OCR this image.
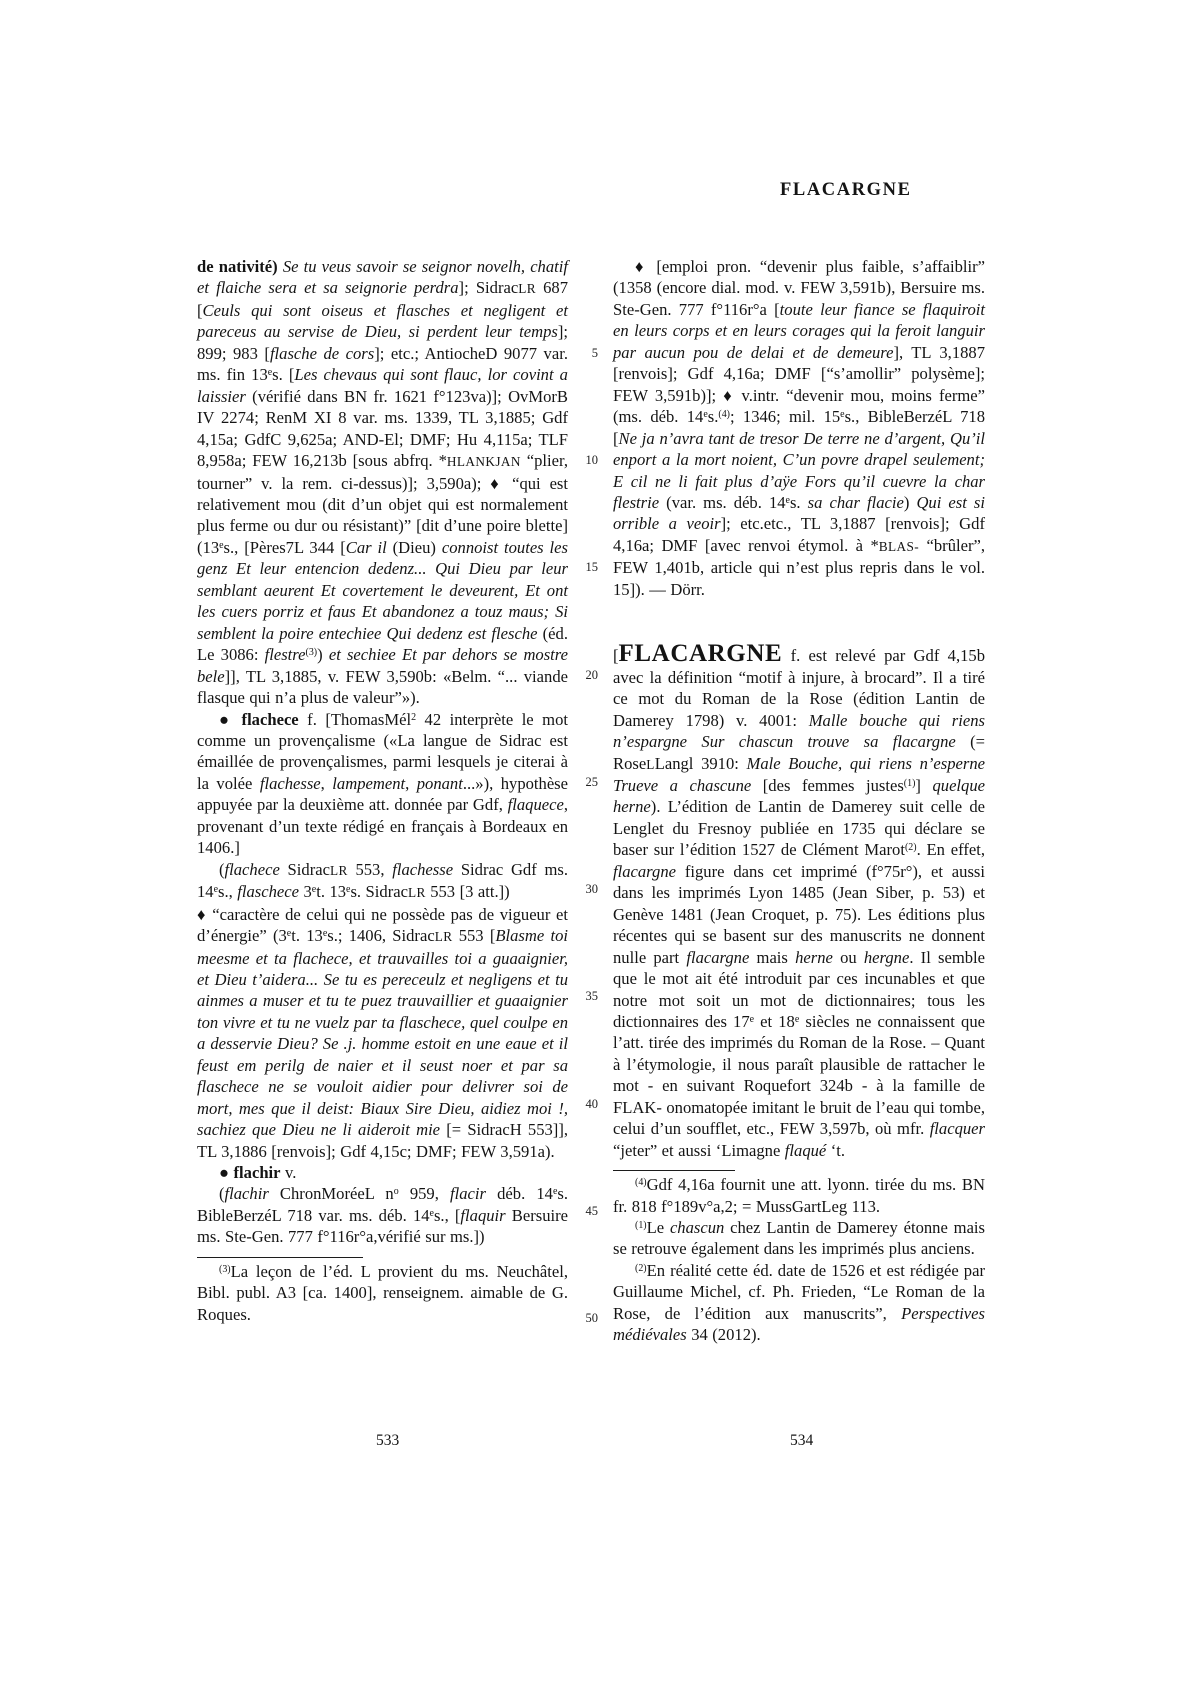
FLACARGNE

de nativité) Se tu veus savoir se seignor novelh, chatif et flaiche sera et sa seignorie perdra]; SidracLR 687 [Ceuls qui sont oiseus et flasches et negligent et pareceus au servise de Dieu, si perdent leur temps]; 899; 983 [flasche de cors]; etc.; AntiocheD 9077 var. ms. fin 13es. [Les chevaus qui sont flauc, lor covint a laissier (vérifié dans BN fr. 1621 f°123va)]; OvMorB IV 2274; RenM XI 8 var. ms. 1339, TL 3,1885; Gdf 4,15a; GdfC 9,625a; AND-El; DMF; Hu 4,115a; TLF 8,958a; FEW 16,213b [sous abfrq. *HLANKJAN “plier, tourner” v. la rem. ci-dessus)]; 3,590a); ♦ “qui est relativement mou (dit d’un objet qui est normalement plus ferme ou dur ou résistant)” [dit d’une poire blette] (13es., [Pères7L 344 [Car il (Dieu) connoist toutes les genz Et leur entencion dedenz... Qui Dieu par leur semblant aeurent Et covertement le deveurent, Et ont les cuers porriz et faus Et abandonez a touz maus; Si semblent la poire entechiee Qui dedenz est flesche (éd. Le 3086: flestre$^{(3)}$) et sechiee Et par dehors se mostre bele]], TL 3,1885, v. FEW 3,590b: «Belm. “... viande flasque qui n’a plus de valeur”»).

● flachece f. [ThomasMél$^2$ 42 interprète le mot comme un provençalisme («La langue de Sidrac est émaillée de provençalismes, parmi lesquels je citerai à la volée flachesse, lampement, ponant...»), hypothèse appuyée par la deuxième att. donnée par Gdf, flaquece, provenant d’un texte rédigé en français à Bordeaux en 1406.]

(flachece SidracLR 553, flachesse Sidrac Gdf ms. 14es., flaschece 3et. 13es. SidracLR 553 [3 att.])

♦ “caractère de celui qui ne possède pas de vigueur et d’énergie” (3et. 13es.; 1406, SidracLR 553 [Blasme toi meesme et ta flachece, et trauvailles toi a guaaignier, et Dieu t’aidera... Se tu es pereceulz et negligens et tu ainmes a muser et tu te puez trauvaillier et guaaignier ton vivre et tu ne vuelz par ta flaschece, quel coulpe en a desservie Dieu? Se .j. homme estoit en une eaue et il feust em perilg de naier et il seust noer et par sa flaschece ne se vouloit aidier pour delivrer soi de mort, mes que il deist: Biaux Sire Dieu, aidiez moi !, sachiez que Dieu ne li aideroit mie [= SidracH 553]], TL 3,1886 [renvois]; Gdf 4,15c; DMF; FEW 3,591a).

● flachir v.

(flachir ChronMoréeL $n^o$ 959, flacir déb. 14es. BibleBerzéL 718 var. ms. déb. 14es., [flaquir Bersuire ms. Ste-Gen. 777 f°116r°a,vérifié sur ms.])

$^{(3)}$La leçon de l’éd. L provient du ms. Neuchâtel, Bibl. publ. A3 [ca. 1400], renseignem. aimable de G. Roques.

5
10
15
20
25
30
35
40
45
50

♦ [emploi pron. “devenir plus faible, s’affaiblir” (1358 (encore dial. mod. v. FEW 3,591b), Bersuire ms. Ste-Gen. 777 f°116r°a [toute leur fiance se flaquiroit en leurs corps et en leurs corages qui la feroit languir par aucun pou de delai et de demeure], TL 3,1887 [renvois]; Gdf 4,16a; DMF [“s’amollir” polysème]; FEW 3,591b)]; ♦ v.intr. “devenir mou, moins ferme” (ms. déb. 14es.$^{(4)}$; 1346; mil. 15es., BibleBerzéL 718 [Ne ja n’avra tant de tresor De terre ne d’argent, Qu’il enport a la mort noient, C’un povre drapel seulement; E cil ne li fait plus d’aÿe Fors qu’il cuevre la char flestrie (var. ms. déb. 14es. sa char flacie) Qui est si orrible a veoir]; etc.etc., TL 3,1887 [renvois]; Gdf 4,16a; DMF [avec renvoi étymol. à *BLAS- “brûler”, FEW 1,401b, article qui n’est plus repris dans le vol. 15]). — Dörr.

[FLACARGNE f. est relevé par Gdf 4,15b avec la définition “motif à injure, à brocard”. Il a tiré ce mot du Roman de la Rose (édition Lantin de Damerey 1798) v. 4001: Malle bouche qui riens n’espargne Sur chascun trouve sa flacargne (= RoseLLangl 3910: Male Bouche, qui riens n’esperne Trueve a chascune [des femmes justes$^{(1)}$] quelque herne). L’édition de Lantin de Damerey suit celle de Lenglet du Fresnoy publiée en 1735 qui déclare se baser sur l’édition 1527 de Clément Marot$^{(2)}$. En effet, flacargne figure dans cet imprimé (f°75r°), et aussi dans les imprimés Lyon 1485 (Jean Siber, p. 53) et Genève 1481 (Jean Croquet, p. 75). Les éditions plus récentes qui se basent sur des manuscrits ne donnent nulle part flacargne mais herne ou hergne. Il semble que le mot ait été introduit par ces incunables et que notre mot soit un mot de dictionnaires; tous les dictionnaires des 17e et 18e siècles ne connaissent que l’att. tirée des imprimés du Roman de la Rose. – Quant à l’étymologie, il nous paraît plausible de rattacher le mot - en suivant Roquefort 324b - à la famille de FLAK- onomatopée imitant le bruit de l’eau qui tombe, celui d’un soufflet, etc., FEW 3,597b, où mfr. flacquer “jeter” et aussi ‘Limagne flaqué ‘t.

$^{(4)}$Gdf 4,16a fournit une att. lyonn. tirée du ms. BN fr. 818 f°189v°a,2; = MussGartLeg 113.

$^{(1)}$Le chascun chez Lantin de Damerey étonne mais se retrouve également dans les imprimés plus anciens.

$^{(2)}$En réalité cette éd. date de 1526 et est rédigée par Guillaume Michel, cf. Ph. Frieden, “Le Roman de la Rose, de l’édition aux manuscrits”, Perspectives médiévales 34 (2012).

533	534
